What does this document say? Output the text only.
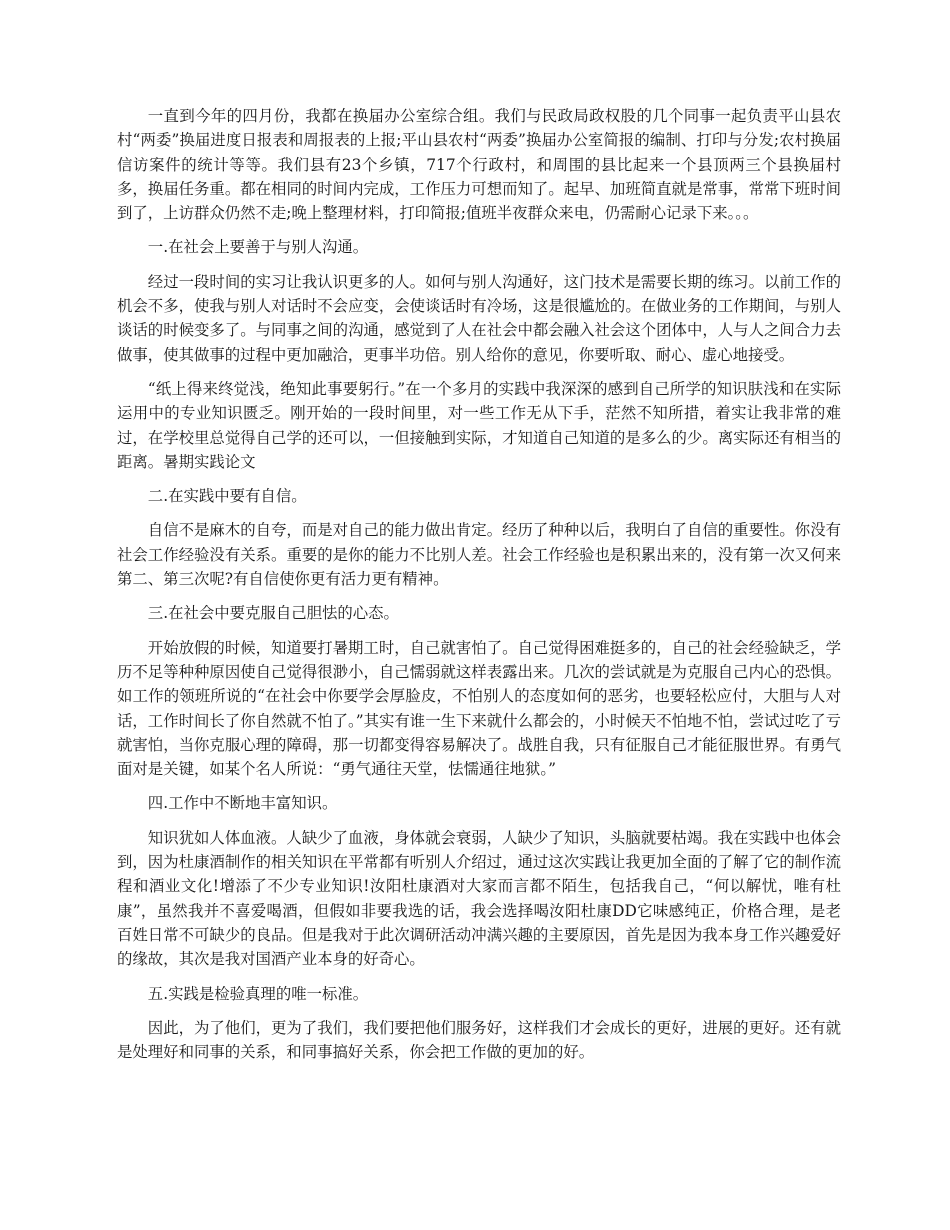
一直到今年的四月份，我都在换届办公室综合组。我们与民政局政权股的几个同事一起负责平山县农村“两委”换届进度日报表和周报表的上报;平山县农村“两委”换届办公室简报的编制、打印与分发;农村换届信访案件的统计等等。我们县有23个乡镇，717个行政村，和周围的县比起来一个县顶两三个县换届村多，换届任务重。都在相同的时间内完成，工作压力可想而知了。起早、加班简直就是常事，常常下班时间到了，上访群众仍然不走;晚上整理材料，打印简报;值班半夜群众来电，仍需耐心记录下来。。。

一.在社会上要善于与别人沟通。

经过一段时间的实习让我认识更多的人。如何与别人沟通好，这门技术是需要长期的练习。以前工作的机会不多，使我与别人对话时不会应变，会使谈话时有冷场，这是很尴尬的。在做业务的工作期间，与别人谈话的时候变多了。与同事之间的沟通，感觉到了人在社会中都会融入社会这个团体中，人与人之间合力去做事，使其做事的过程中更加融洽，更事半功倍。别人给你的意见，你要听取、耐心、虚心地接受。

“纸上得来终觉浅，绝知此事要躬行。”在一个多月的实践中我深深的感到自己所学的知识肤浅和在实际运用中的专业知识匮乏。刚开始的一段时间里，对一些工作无从下手，茫然不知所措，着实让我非常的难过，在学校里总觉得自己学的还可以，一但接触到实际，才知道自己知道的是多么的少。离实际还有相当的距离。暑期实践论文

二.在实践中要有自信。

自信不是麻木的自夸，而是对自己的能力做出肯定。经历了种种以后，我明白了自信的重要性。你没有社会工作经验没有关系。重要的是你的能力不比别人差。社会工作经验也是积累出来的，没有第一次又何来第二、第三次呢?有自信使你更有活力更有精神。

三.在社会中要克服自己胆怯的心态。

开始放假的时候，知道要打暑期工时，自己就害怕了。自己觉得困难挺多的，自己的社会经验缺乏，学历不足等种种原因使自己觉得很渺小，自己懦弱就这样表露出来。几次的尝试就是为克服自己内心的恐惧。如工作的领班所说的“在社会中你要学会厚脸皮，不怕别人的态度如何的恶劣，也要轻松应付，大胆与人对话，工作时间长了你自然就不怕了。”其实有谁一生下来就什么都会的，小时候天不怕地不怕，尝试过吃了亏就害怕，当你克服心理的障碍，那一切都变得容易解决了。战胜自我，只有征服自己才能征服世界。有勇气面对是关键，如某个名人所说：“勇气通往天堂，怯懦通往地狱。”

四.工作中不断地丰富知识。

知识犹如人体血液。人缺少了血液，身体就会衰弱，人缺少了知识，头脑就要枯竭。我在实践中也体会到，因为杜康酒制作的相关知识在平常都有听别人介绍过，通过这次实践让我更加全面的了解了它的制作流程和酒业文化!增添了不少专业知识!汝阳杜康酒对大家而言都不陌生，包括我自己，“何以解忧，唯有杜康”，虽然我并不喜爱喝酒，但假如非要我选的话，我会选择喝汝阳杜康DD它味感纯正，价格合理，是老百姓日常不可缺少的良品。但是我对于此次调研活动冲满兴趣的主要原因，首先是因为我本身工作兴趣爱好的缘故，其次是我对国酒产业本身的好奇心。

五.实践是检验真理的唯一标准。

因此，为了他们，更为了我们，我们要把他们服务好，这样我们才会成长的更好，进展的更好。还有就是处理好和同事的关系，和同事搞好关系，你会把工作做的更加的好。
